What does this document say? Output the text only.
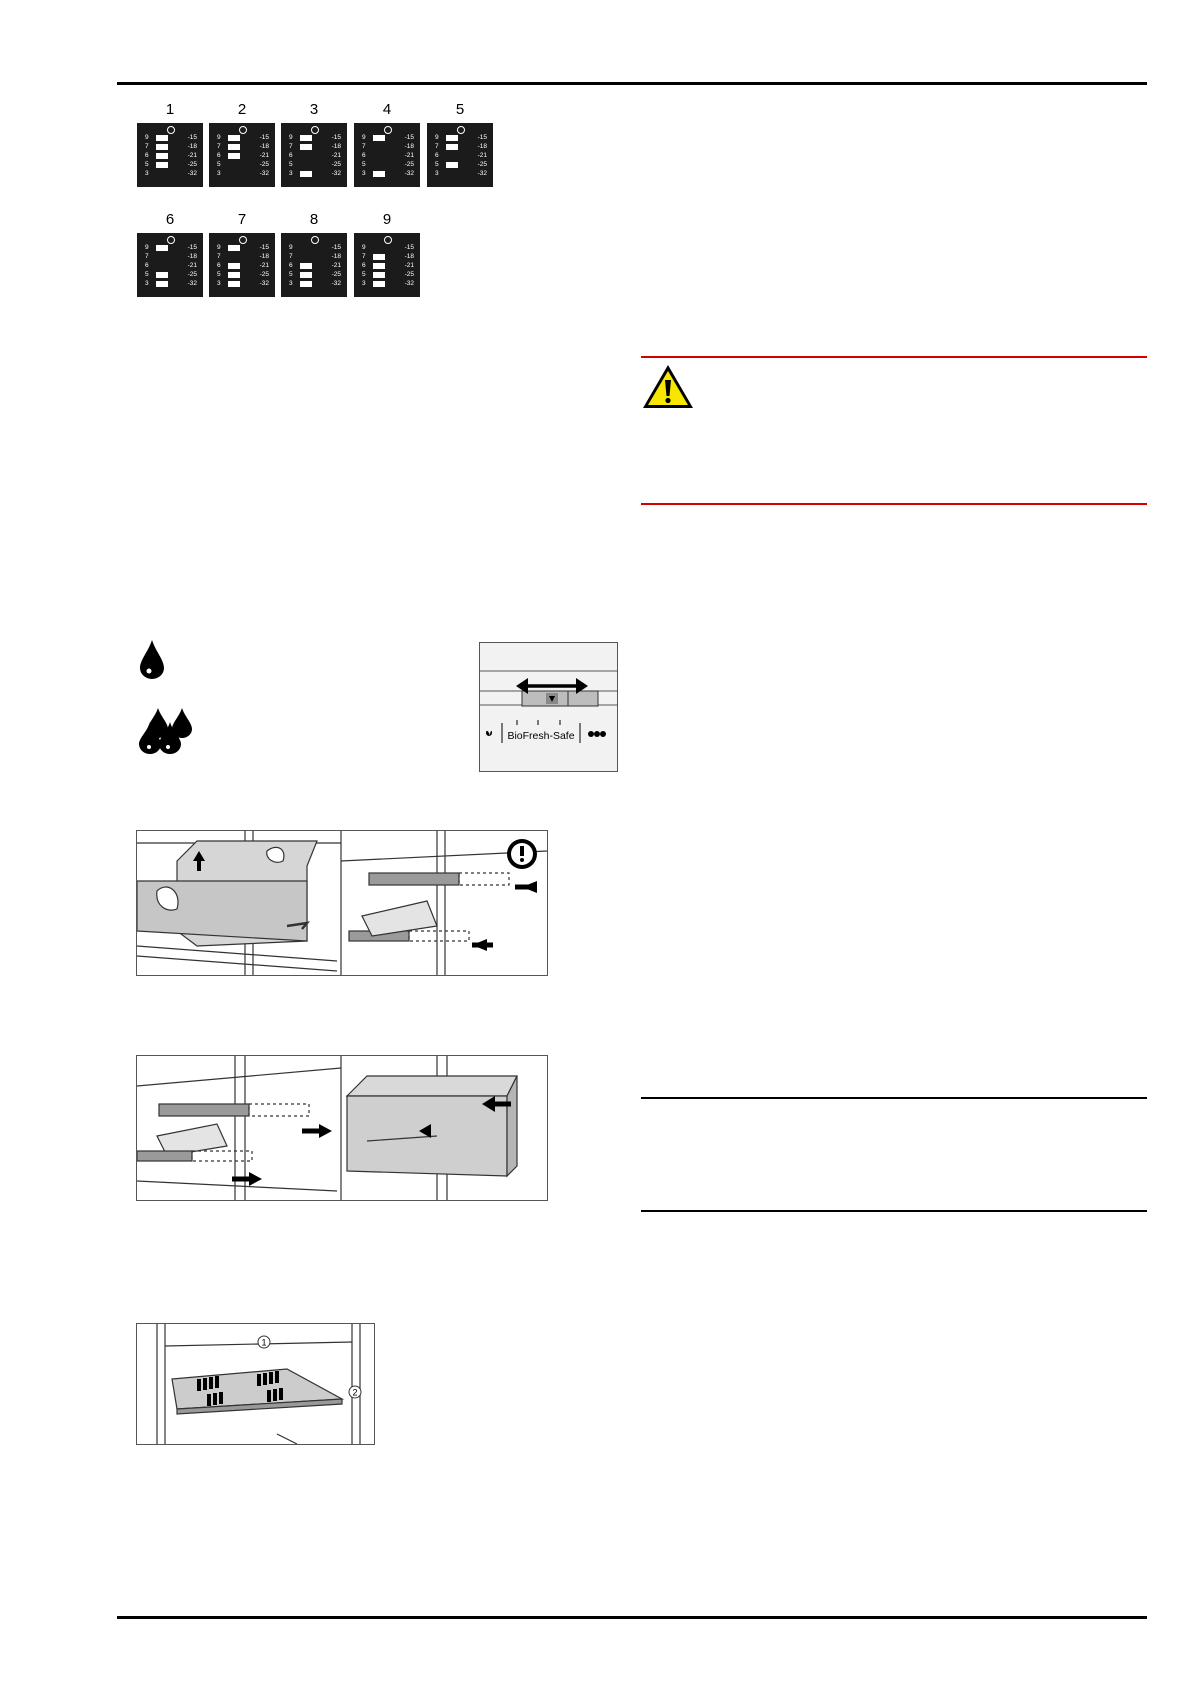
1
9	-15
7	-18
6	-21
5	-25
3	-32
2
9	-15
7	-18
6	-21
5	-25
3	-32
3
9	-15
7	-18
6	-21
5	-25
3	-32
4
9	-15
7	-18
6	-21
5	-25
3	-32
5
9	-15
7	-18
6	-21
5	-25
3	-32
6
9	-15
7	-18
6	-21
5	-25
3	-32
7
9	-15
7	-18
6	-21
5	-25
3	-32
8
9	-15
7	-18
6	-21
5	-25
3	-32
9
9	-15
7	-18
6	-21
5	-25
3	-32
BioFresh-Safe
1
2
